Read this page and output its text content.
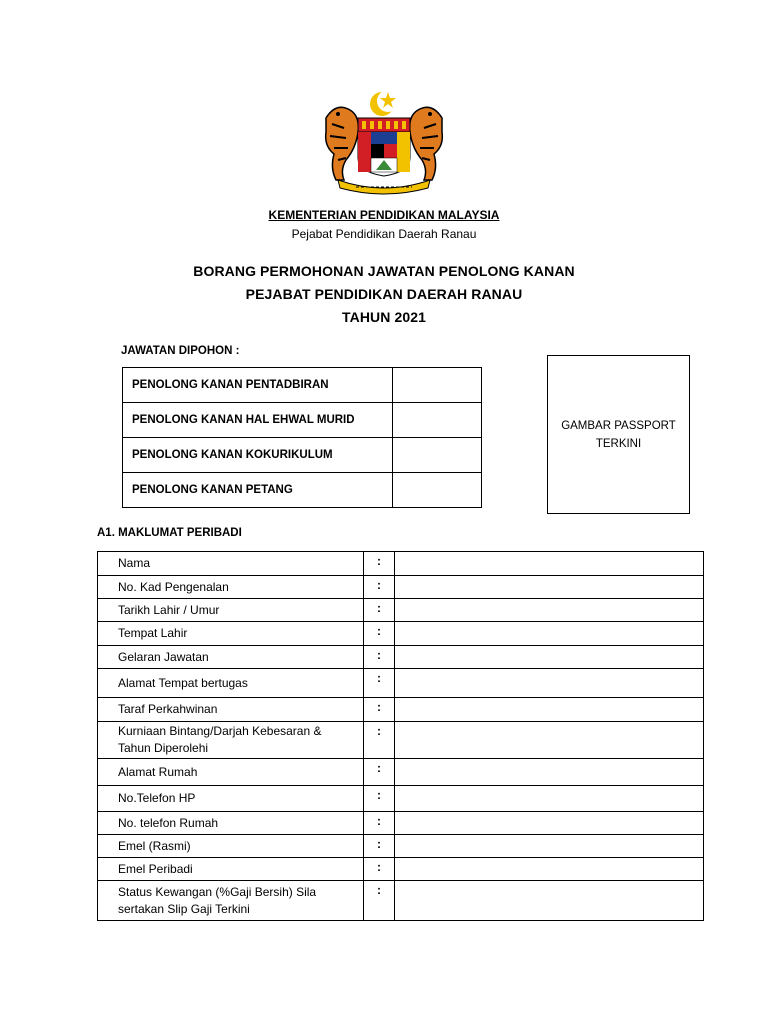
KEMENTERIAN PENDIDIKAN MALAYSIA
Pejabat Pendidikan Daerah Ranau
BORANG PERMOHONAN JAWATAN PENOLONG KANAN
PEJABAT PENDIDIKAN DAERAH RANAU
TAHUN 2021
JAWATAN DIPOHON :
PENOLONG KANAN PENTADBIRAN	
PENOLONG KANAN HAL EHWAL MURID	
PENOLONG KANAN KOKURIKULUM	
PENOLONG KANAN PETANG	
GAMBAR PASSPORT
TERKINI
A1. MAKLUMAT PERIBADI
Nama	:	
No. Kad Pengenalan	:	
Tarikh Lahir / Umur	:	
Tempat Lahir	:	
Gelaran Jawatan	:	
Alamat Tempat bertugas	:	
Taraf Perkahwinan	:	
Kurniaan Bintang/Darjah Kebesaran & Tahun Diperolehi	:	
Alamat Rumah	:	
No.Telefon HP	:	
No. telefon Rumah	:	
Emel (Rasmi)	:	
Emel Peribadi	:	
Status Kewangan (%Gaji Bersih) Sila sertakan Slip Gaji Terkini	:	
